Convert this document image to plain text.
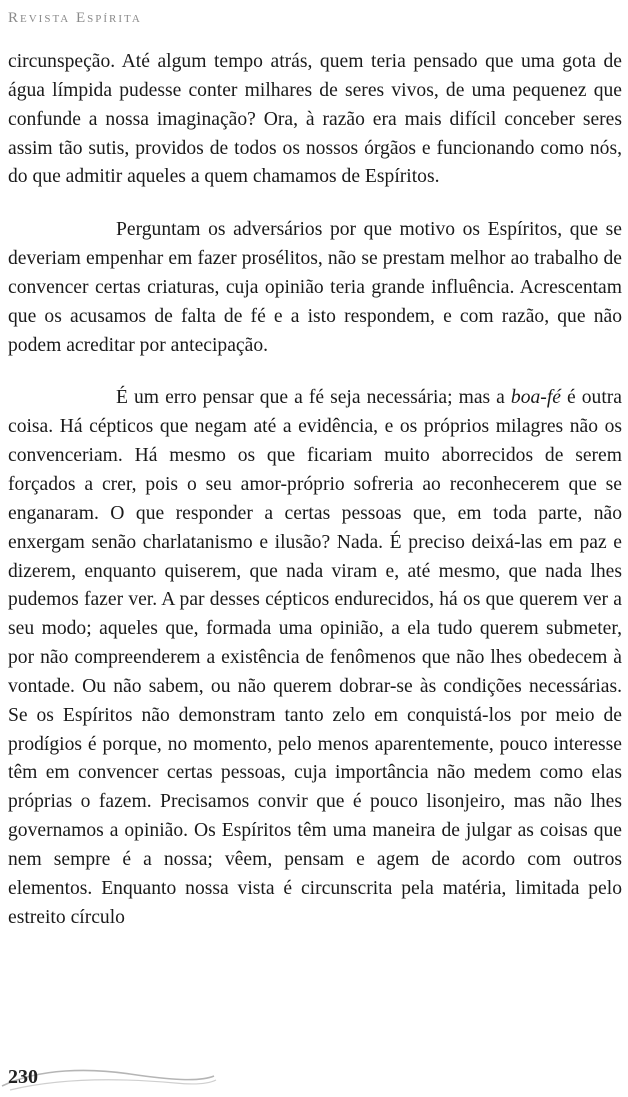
Revista Espírita

circunspeção. Até algum tempo atrás, quem teria pensado que uma gota de água límpida pudesse conter milhares de seres vivos, de uma pequenez que confunde a nossa imaginação? Ora, à razão era mais difícil conceber seres assim tão sutis, providos de todos os nossos órgãos e funcionando como nós, do que admitir aqueles a quem chamamos de Espíritos.

Perguntam os adversários por que motivo os Espíritos, que se deveriam empenhar em fazer prosélitos, não se prestam melhor ao trabalho de convencer certas criaturas, cuja opinião teria grande influência. Acrescentam que os acusamos de falta de fé e a isto respondem, e com razão, que não podem acreditar por antecipação.

É um erro pensar que a fé seja necessária; mas a boa-fé é outra coisa. Há cépticos que negam até a evidência, e os próprios milagres não os convenceriam. Há mesmo os que ficariam muito aborrecidos de serem forçados a crer, pois o seu amor-próprio sofreria ao reconhecerem que se enganaram. O que responder a certas pessoas que, em toda parte, não enxergam senão charlatanismo e ilusão? Nada. É preciso deixá-las em paz e dizerem, enquanto quiserem, que nada viram e, até mesmo, que nada lhes pudemos fazer ver. A par desses cépticos endurecidos, há os que querem ver a seu modo; aqueles que, formada uma opinião, a ela tudo querem submeter, por não compreenderem a existência de fenômenos que não lhes obedecem à vontade. Ou não sabem, ou não querem dobrar-se às condições necessárias. Se os Espíritos não demonstram tanto zelo em conquistá-los por meio de prodígios é porque, no momento, pelo menos aparentemente, pouco interesse têm em convencer certas pessoas, cuja importância não medem como elas próprias o fazem. Precisamos convir que é pouco lisonjeiro, mas não lhes governamos a opinião. Os Espíritos têm uma maneira de julgar as coisas que nem sempre é a nossa; vêem, pensam e agem de acordo com outros elementos. Enquanto nossa vista é circunscrita pela matéria, limitada pelo estreito círculo

230
